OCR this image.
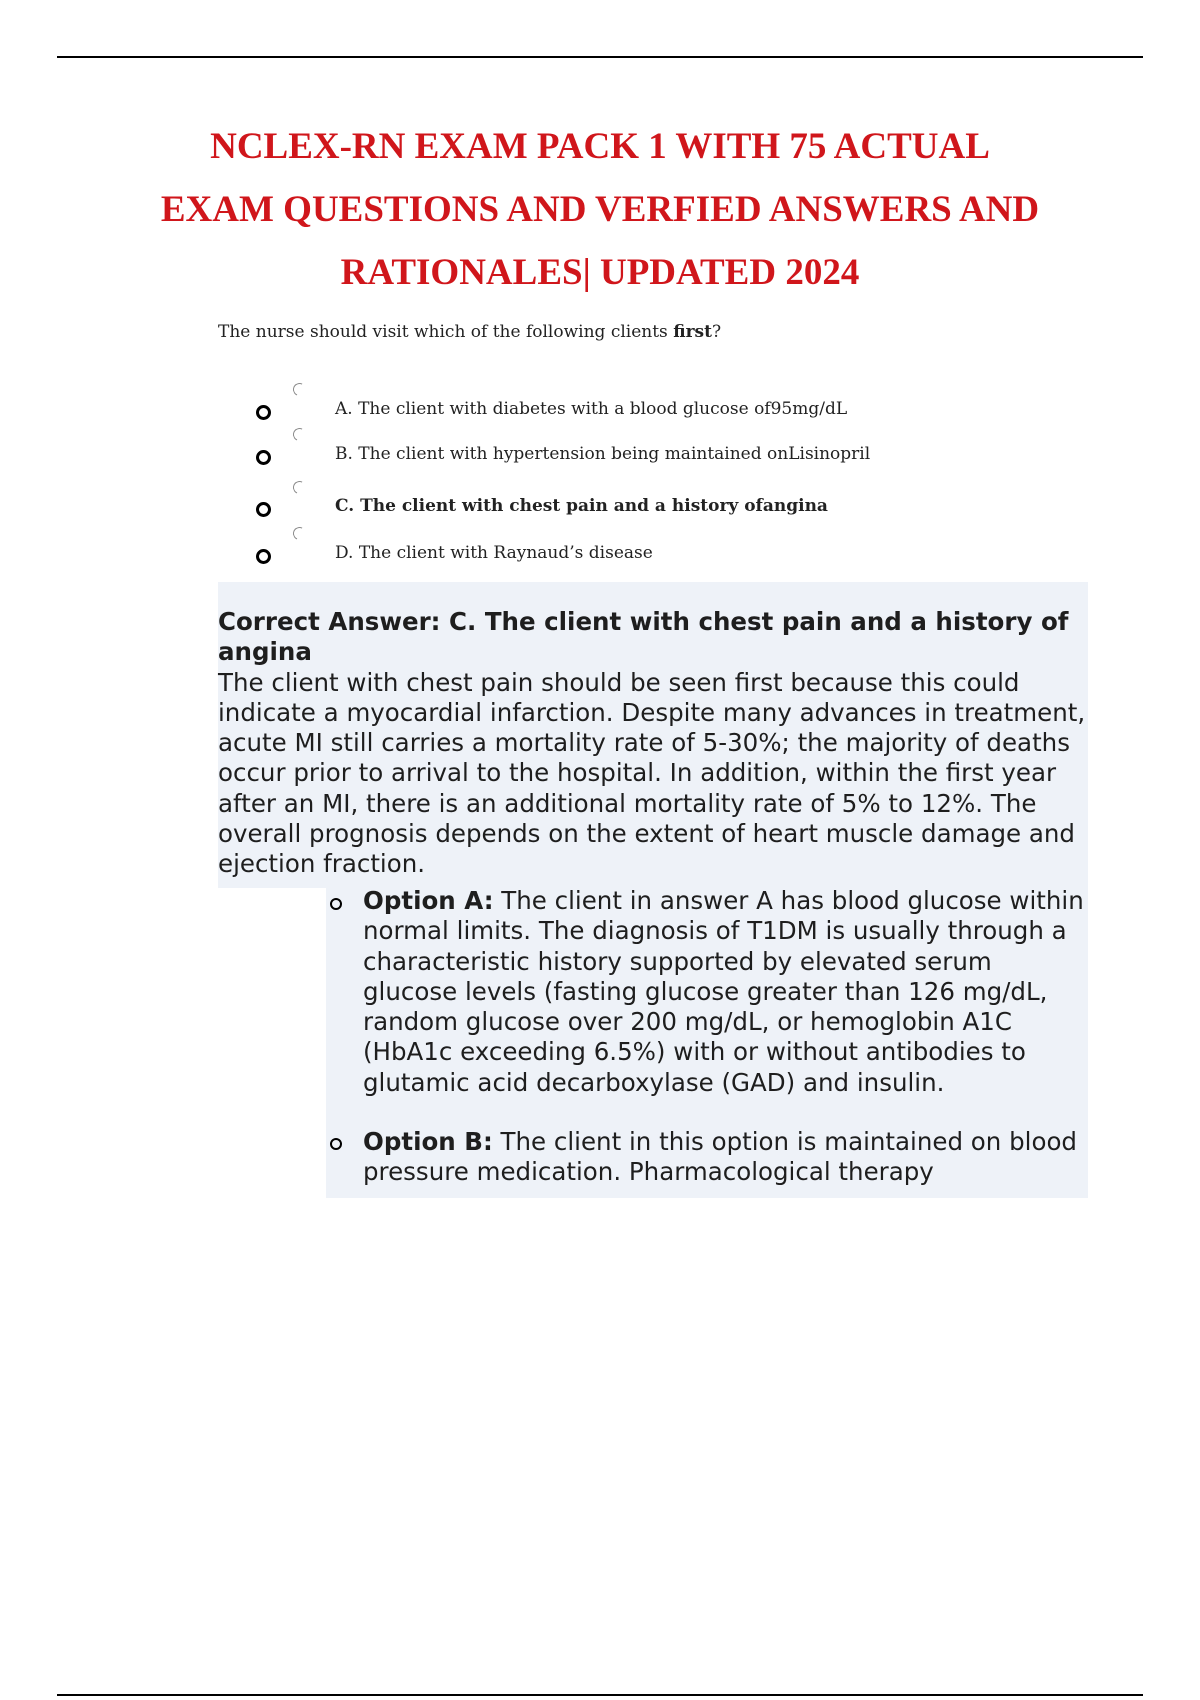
NCLEX-RN EXAM PACK 1 WITH 75 ACTUAL EXAM QUESTIONS AND VERFIED ANSWERS AND RATIONALES| UPDATED 2024
The nurse should visit which of the following clients first?
A. The client with diabetes with a blood glucose of95mg/dL
B. The client with hypertension being maintained onLisinopril
C. The client with chest pain and a history ofangina
D. The client with Raynaud’s disease
Correct Answer: C. The client with chest pain and a history of angina
The client with chest pain should be seen first because this could indicate a myocardial infarction. Despite many advances in treatment, acute MI still carries a mortality rate of 5-30%; the majority of deaths occur prior to arrival to the hospital. In addition, within the first year after an MI, there is an additional mortality rate of 5% to 12%. The overall prognosis depends on the extent of heart muscle damage and ejection fraction.

Option A: The client in answer A has blood glucose within normal limits. The diagnosis of T1DM is usually through a characteristic history supported by elevated serum glucose levels (fasting glucose greater than 126 mg/dL, random glucose over 200 mg/dL, or hemoglobin A1C (HbA1c exceeding 6.5%) with or without antibodies to glutamic acid decarboxylase (GAD) and insulin.

Option B: The client in this option is maintained on blood pressure medication. Pharmacological therapy
